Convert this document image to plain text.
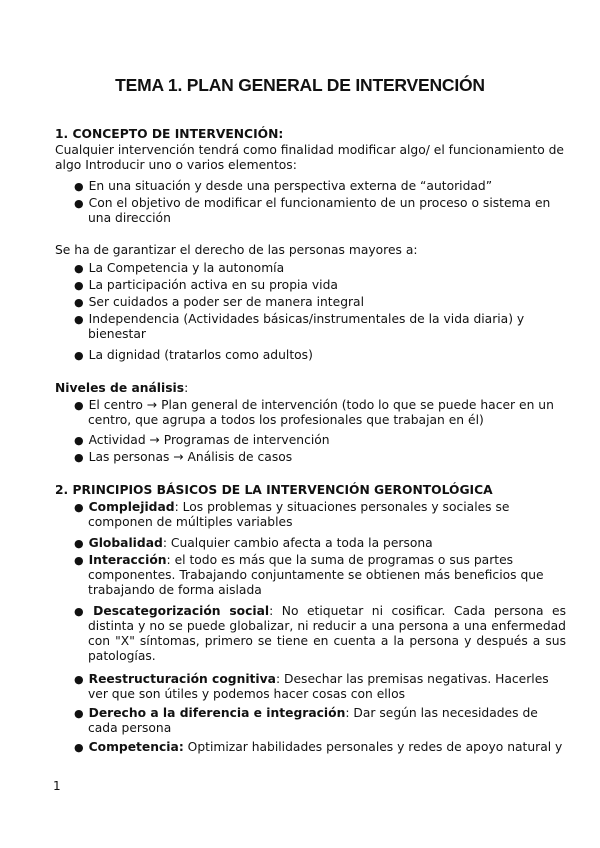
TEMA 1. PLAN GENERAL DE INTERVENCIÓN
1. CONCEPTO DE INTERVENCIÓN:
Cualquier intervención tendrá como finalidad modificar algo/ el funcionamiento de algo Introducir uno o varios elementos:
● En una situación y desde una perspectiva externa de “autoridad”
● Con el objetivo de modificar el funcionamiento de un proceso o sistema en una dirección
Se ha de garantizar el derecho de las personas mayores a:
● La Competencia y la autonomía
● La participación activa en su propia vida
● Ser cuidados a poder ser de manera integral
● Independencia (Actividades básicas/instrumentales de la vida diaria) y bienestar
● La dignidad (tratarlos como adultos)
Niveles de análisis:
● El centro → Plan general de intervención (todo lo que se puede hacer en un centro, que agrupa a todos los profesionales que trabajan en él)
● Actividad → Programas de intervención
● Las personas → Análisis de casos
2. PRINCIPIOS BÁSICOS DE LA INTERVENCIÓN GERONTOLÓGICA
● Complejidad: Los problemas y situaciones personales y sociales se componen de múltiples variables
● Globalidad: Cualquier cambio afecta a toda la persona
● Interacción: el todo es más que la suma de programas o sus partes componentes. Trabajando conjuntamente se obtienen más beneficios que trabajando de forma aislada
● Descategorización social: No etiquetar ni cosificar. Cada persona es distinta y no se puede globalizar, ni reducir a una persona a una enfermedad con "X" síntomas, primero se tiene en cuenta a la persona y después a sus patologías.
● Reestructuración cognitiva: Desechar las premisas negativas. Hacerles ver que son útiles y podemos hacer cosas con ellos
● Derecho a la diferencia e integración: Dar según las necesidades de cada persona
● Competencia: Optimizar habilidades personales y redes de apoyo natural y
1
